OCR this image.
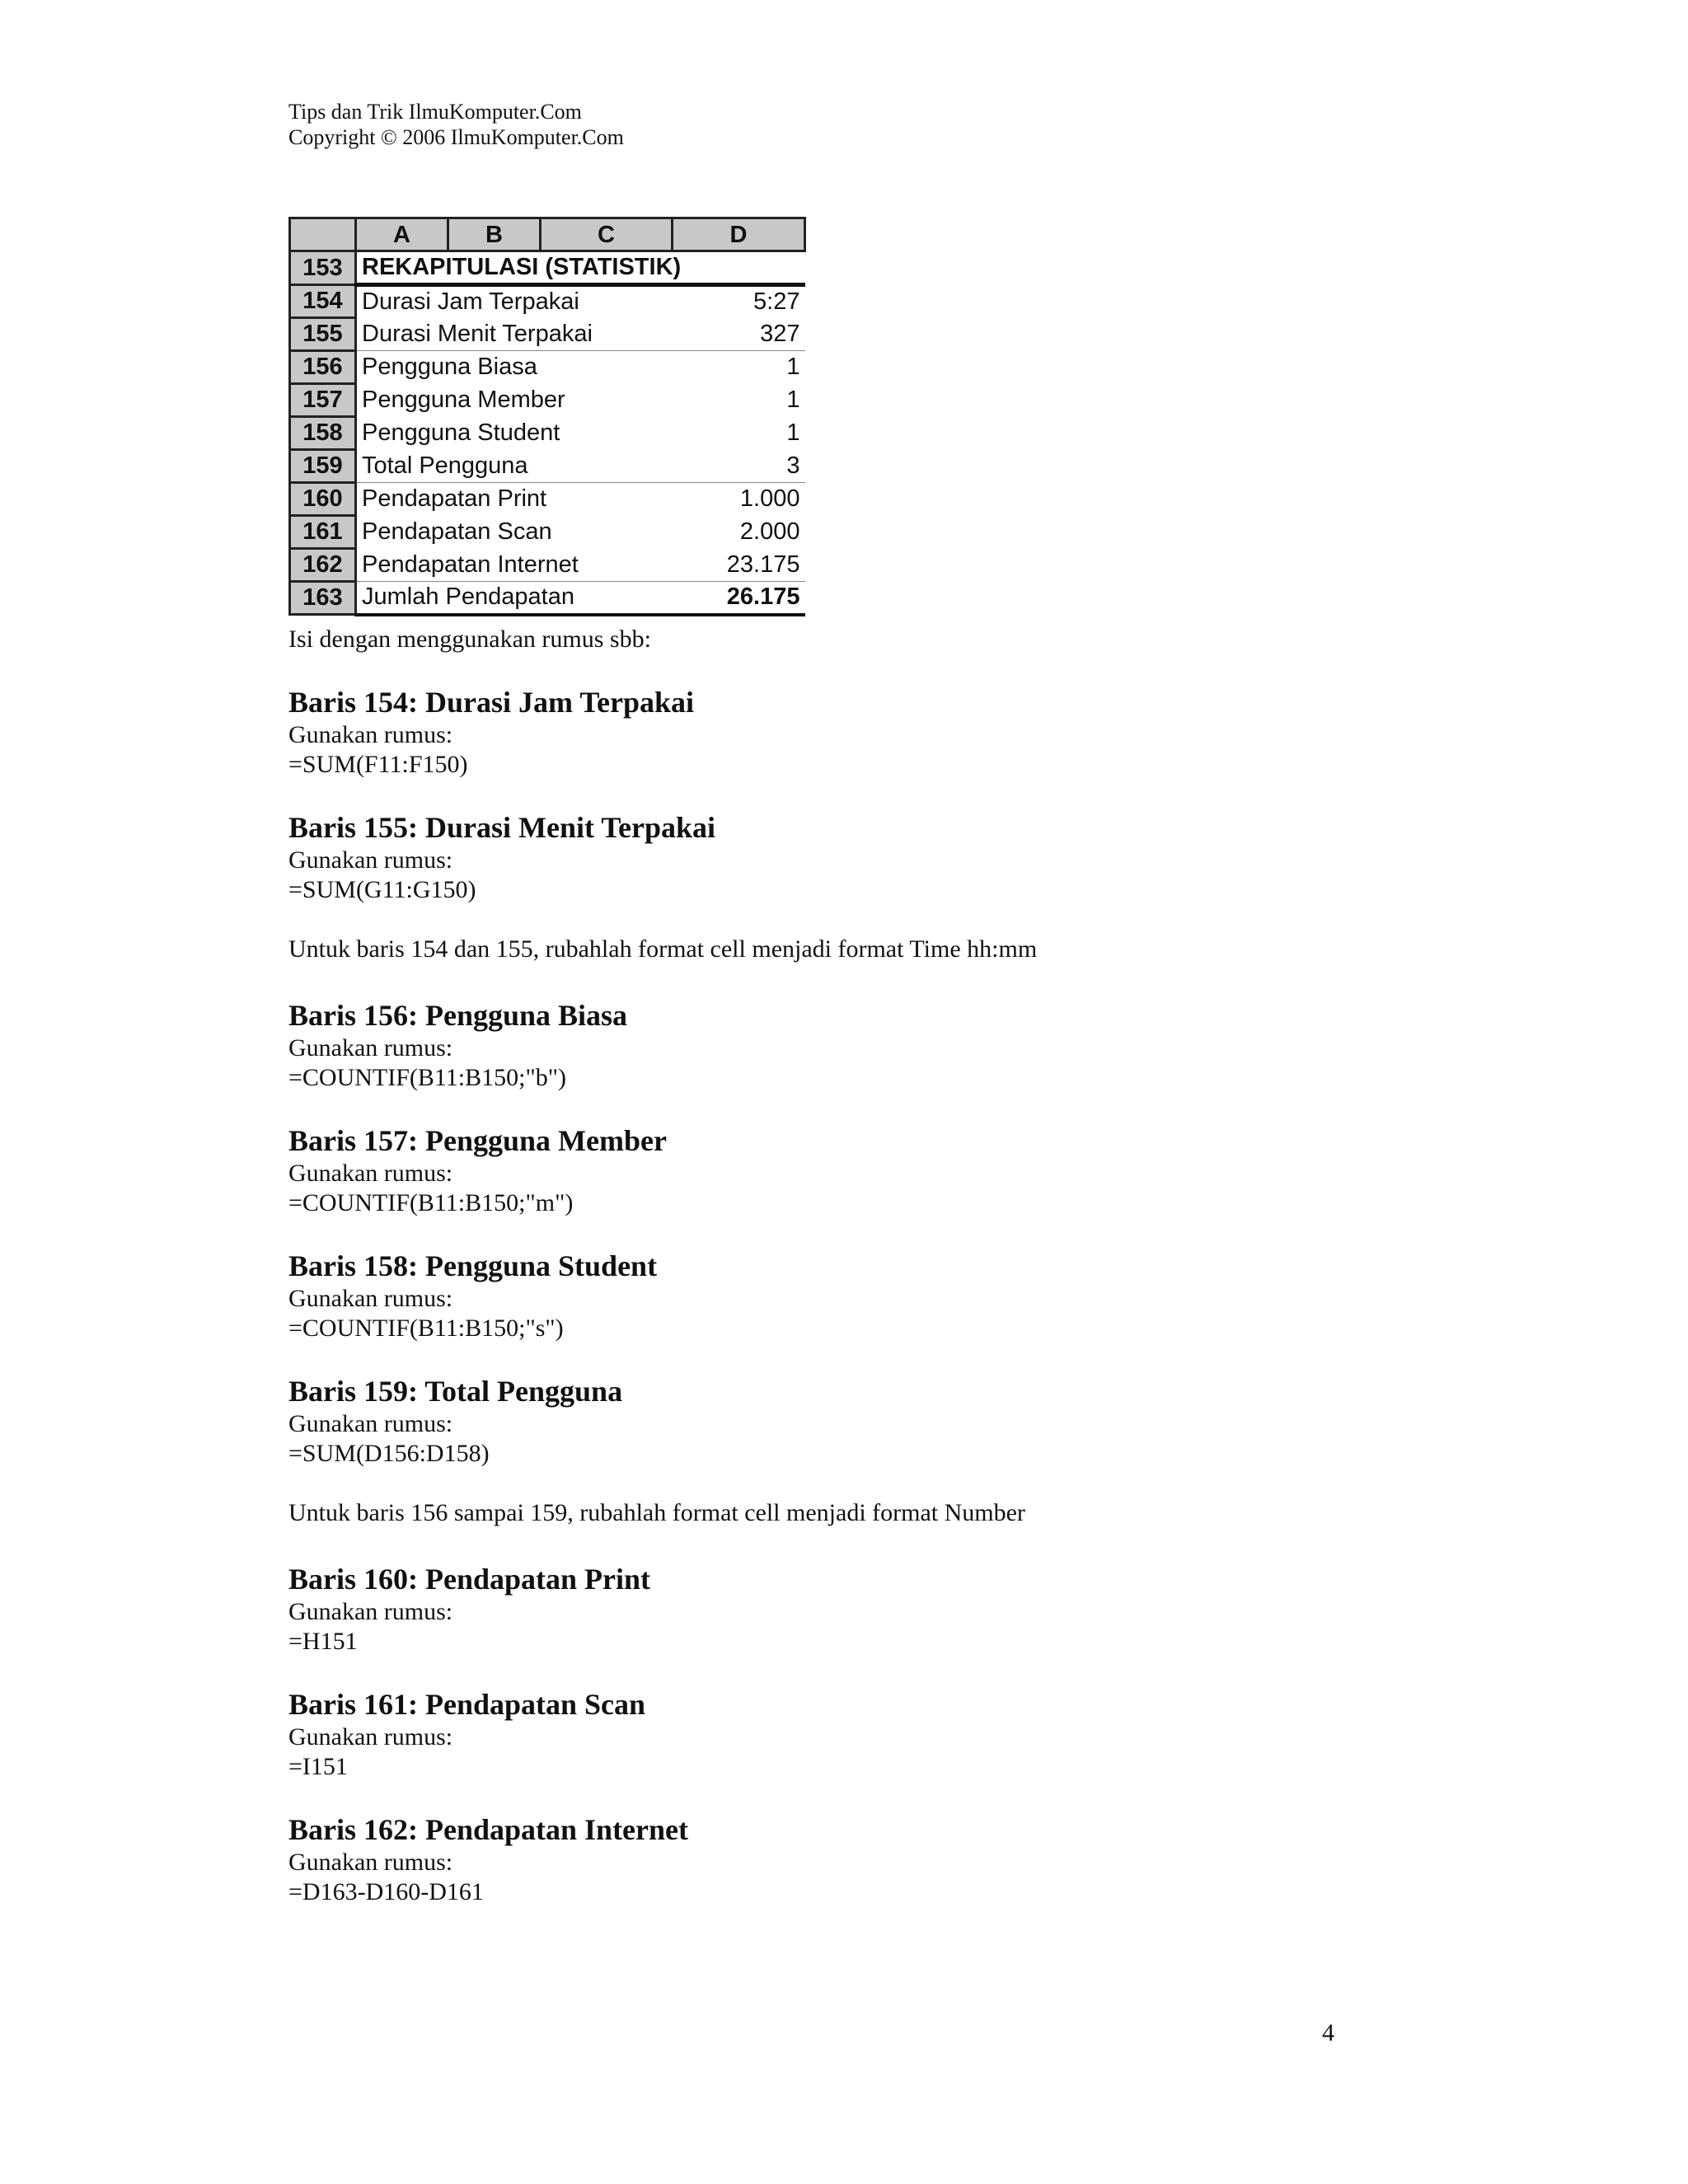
Tips dan Trik IlmuKomputer.Com
Copyright © 2006 IlmuKomputer.Com
	A	B	C	D
153	REKAPITULASI (STATISTIK)			
154	Durasi Jam Terpakai			5:27
155	Durasi Menit Terpakai			327
156	Pengguna Biasa			1
157	Pengguna Member			1
158	Pengguna Student			1
159	Total Pengguna			3
160	Pendapatan Print			1.000
161	Pendapatan Scan			2.000
162	Pendapatan Internet			23.175
163	Jumlah Pendapatan			26.175
Isi dengan menggunakan rumus sbb:
Baris 154: Durasi Jam Terpakai
Gunakan rumus:
=SUM(F11:F150)
Baris 155: Durasi Menit Terpakai
Gunakan rumus:
=SUM(G11:G150)
Untuk baris 154 dan 155, rubahlah format cell menjadi format Time hh:mm
Baris 156: Pengguna Biasa
Gunakan rumus:
=COUNTIF(B11:B150;"b")
Baris 157: Pengguna Member
Gunakan rumus:
=COUNTIF(B11:B150;"m")
Baris 158: Pengguna Student
Gunakan rumus:
=COUNTIF(B11:B150;"s")
Baris 159: Total Pengguna
Gunakan rumus:
=SUM(D156:D158)
Untuk baris 156 sampai 159, rubahlah format cell menjadi format Number
Baris 160: Pendapatan Print
Gunakan rumus:
=H151
Baris 161: Pendapatan Scan
Gunakan rumus:
=I151
Baris 162: Pendapatan Internet
Gunakan rumus:
=D163-D160-D161
4
